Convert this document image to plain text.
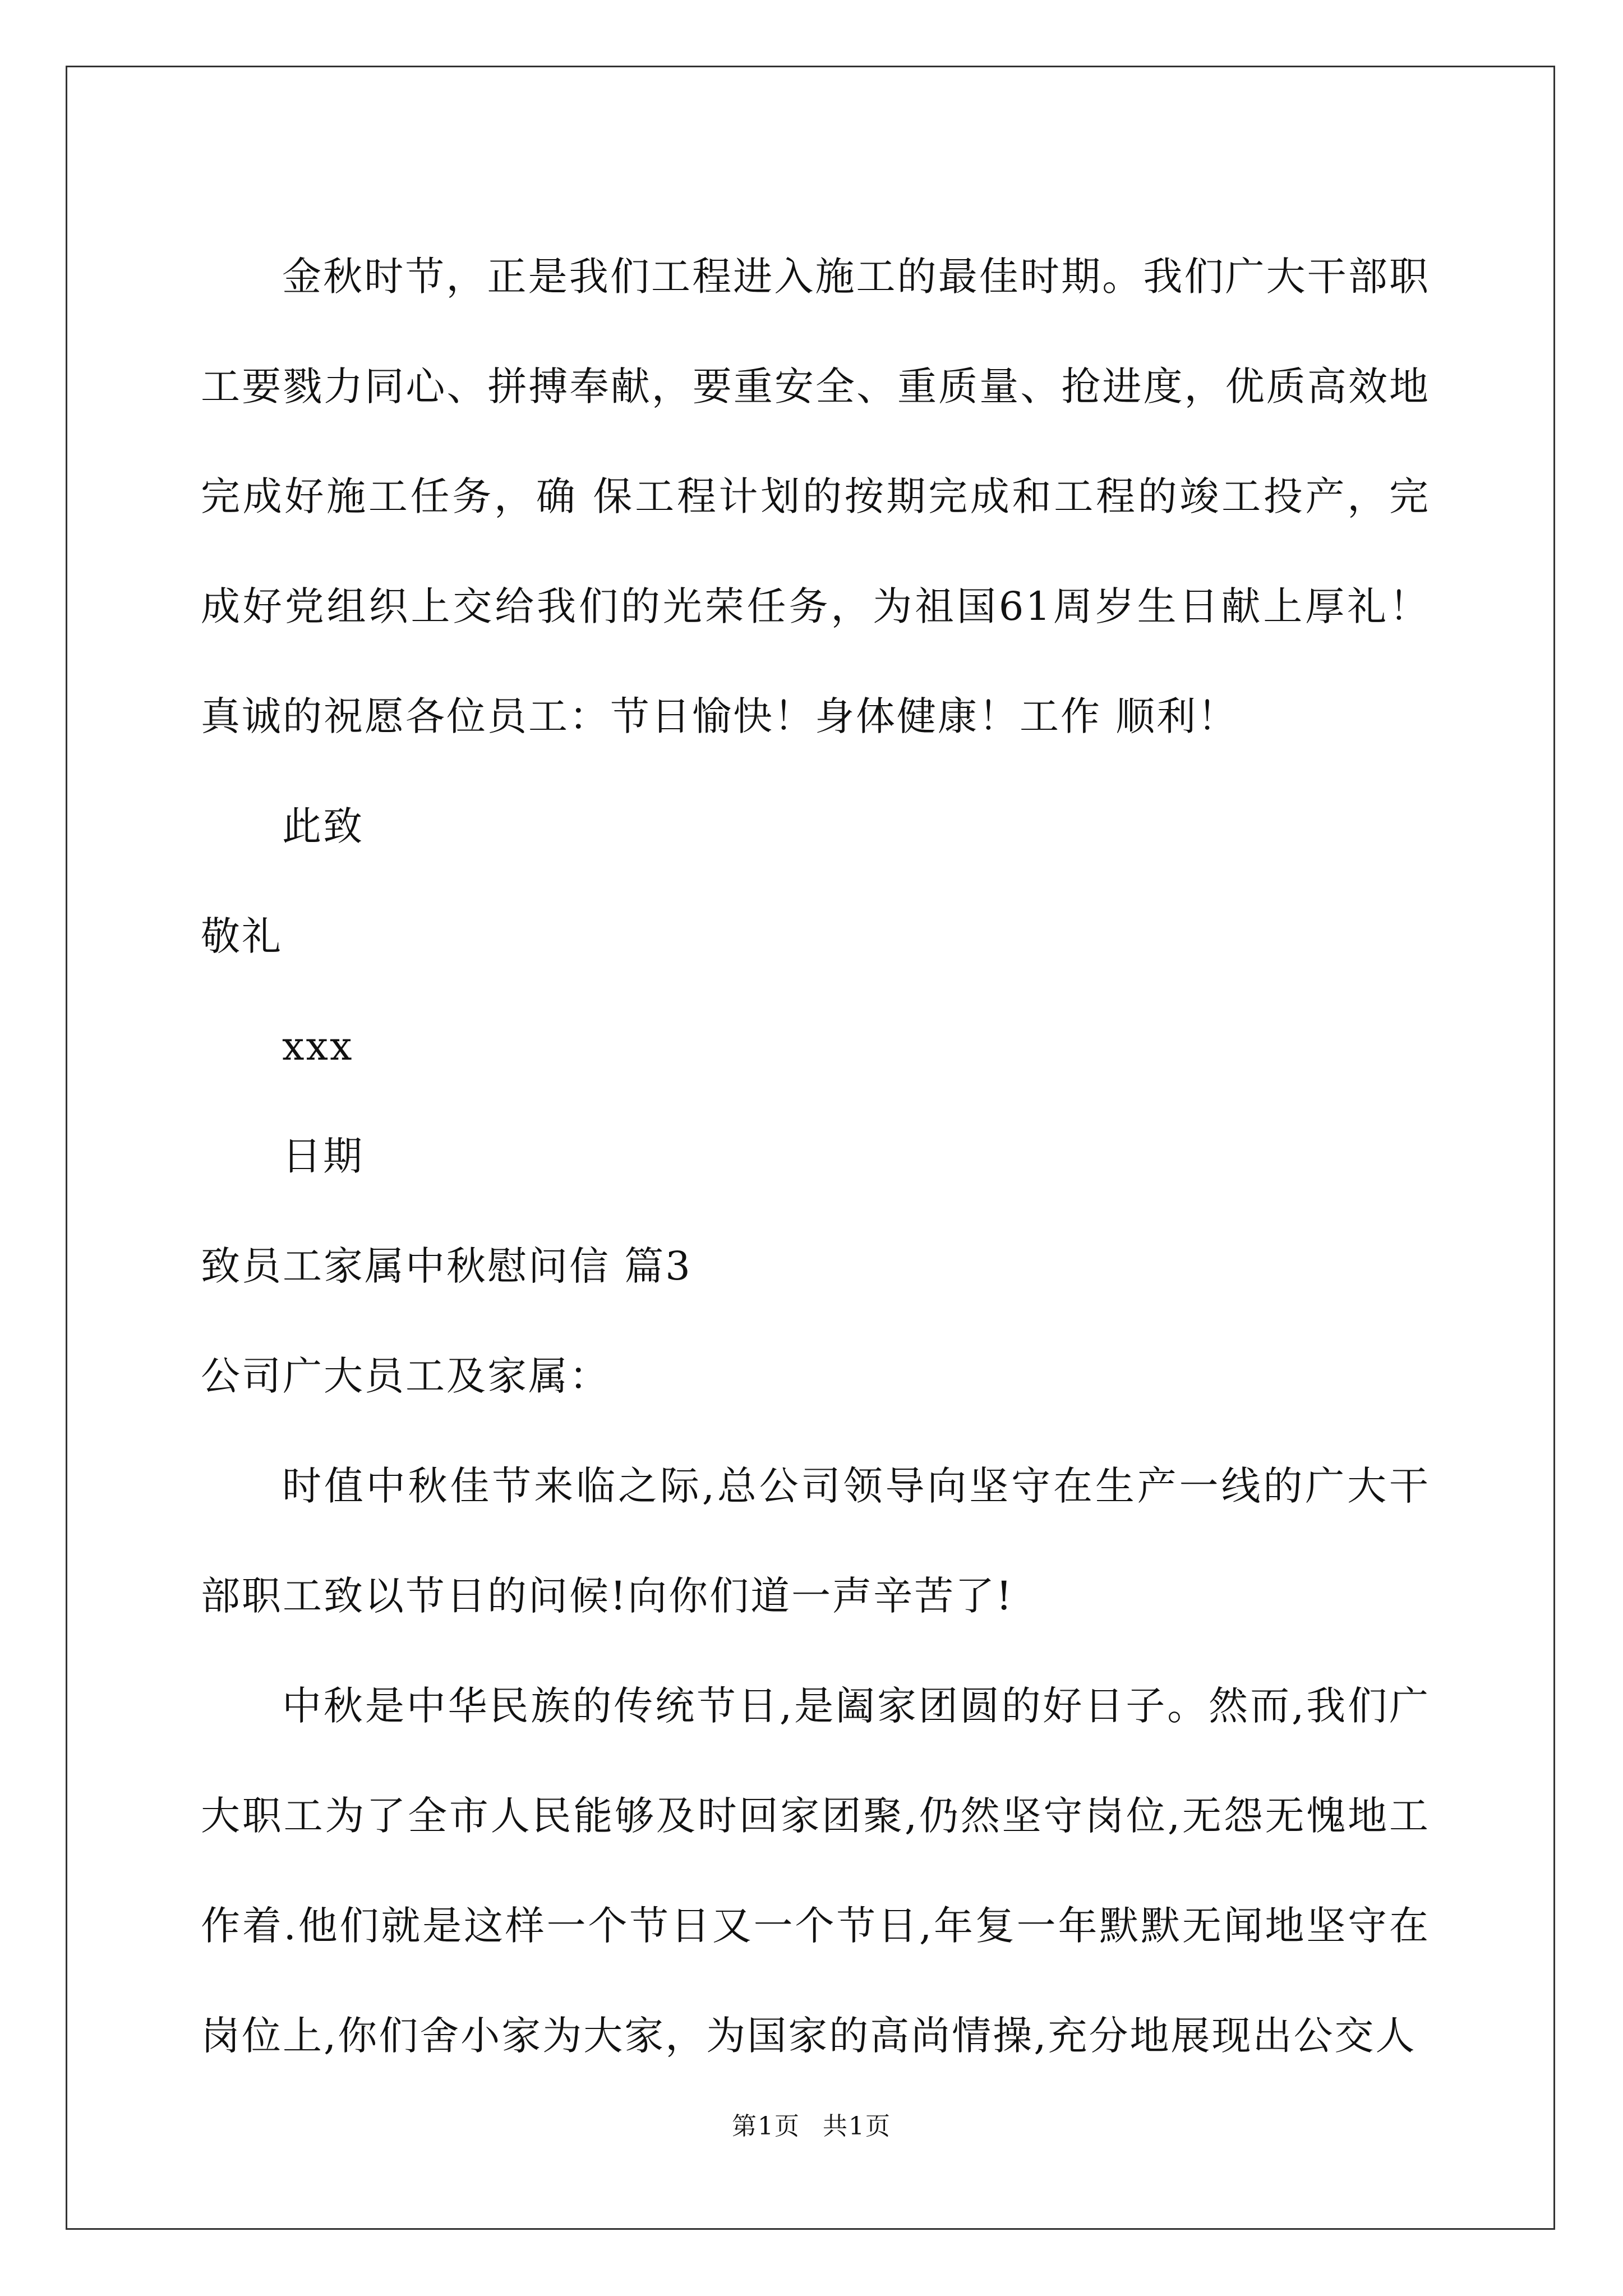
金秋时节，正是我们工程进入施工的最佳时期。我们广大干部职工要戮力同心、拼搏奉献，要重安全、重质量、抢进度，优质高效地完成好施工任务，确 保工程计划的按期完成和工程的竣工投产，完成好党组织上交给我们的光荣任务，为祖国61周岁生日献上厚礼！真诚的祝愿各位员工：节日愉快！身体健康！工作 顺利！

此致

敬礼

xxx

日期

致员工家属中秋慰问信 篇3

公司广大员工及家属：

时值中秋佳节来临之际,总公司领导向坚守在生产一线的广大干部职工致以节日的问候!向你们道一声辛苦了!

中秋是中华民族的传统节日,是阖家团圆的好日子。然而,我们广大职工为了全市人民能够及时回家团聚,仍然坚守岗位,无怨无愧地工作着.他们就是这样一个节日又一个节日,年复一年默默无闻地坚守在岗位上,你们舍小家为大家，为国家的高尚情操,充分地展现出公交人

第1页 共1页
